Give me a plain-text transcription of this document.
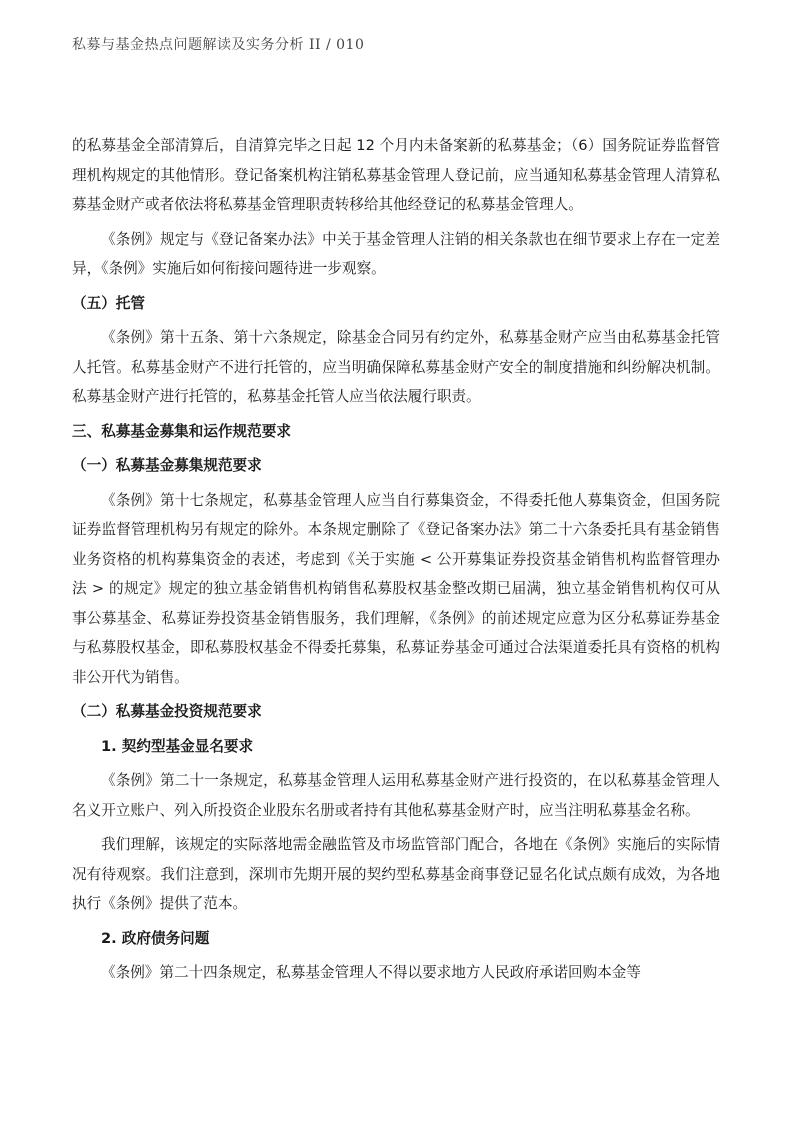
私募与基金热点问题解读及实务分析 II / 010
的私募基金全部清算后，自清算完毕之日起 12 个月内未备案新的私募基金；（6）国务院证券监督管理机构规定的其他情形。登记备案机构注销私募基金管理人登记前，应当通知私募基金管理人清算私募基金财产或者依法将私募基金管理职责转移给其他经登记的私募基金管理人。
《条例》规定与《登记备案办法》中关于基金管理人注销的相关条款也在细节要求上存在一定差异，《条例》实施后如何衔接问题待进一步观察。
（五）托管
《条例》第十五条、第十六条规定，除基金合同另有约定外，私募基金财产应当由私募基金托管人托管。私募基金财产不进行托管的，应当明确保障私募基金财产安全的制度措施和纠纷解决机制。私募基金财产进行托管的，私募基金托管人应当依法履行职责。
三、私募基金募集和运作规范要求
（一）私募基金募集规范要求
《条例》第十七条规定，私募基金管理人应当自行募集资金，不得委托他人募集资金，但国务院证券监督管理机构另有规定的除外。本条规定删除了《登记备案办法》第二十六条委托具有基金销售业务资格的机构募集资金的表述，考虑到《关于实施 < 公开募集证券投资基金销售机构监督管理办法 > 的规定》规定的独立基金销售机构销售私募股权基金整改期已届满，独立基金销售机构仅可从事公募基金、私募证券投资基金销售服务，我们理解，《条例》的前述规定应意为区分私募证券基金与私募股权基金，即私募股权基金不得委托募集，私募证券基金可通过合法渠道委托具有资格的机构非公开代为销售。
（二）私募基金投资规范要求
1. 契约型基金显名要求
《条例》第二十一条规定，私募基金管理人运用私募基金财产进行投资的，在以私募基金管理人名义开立账户、列入所投资企业股东名册或者持有其他私募基金财产时，应当注明私募基金名称。
我们理解，该规定的实际落地需金融监管及市场监管部门配合，各地在《条例》实施后的实际情况有待观察。我们注意到，深圳市先期开展的契约型私募基金商事登记显名化试点颇有成效，为各地执行《条例》提供了范本。
2. 政府债务问题
《条例》第二十四条规定，私募基金管理人不得以要求地方人民政府承诺回购本金等
